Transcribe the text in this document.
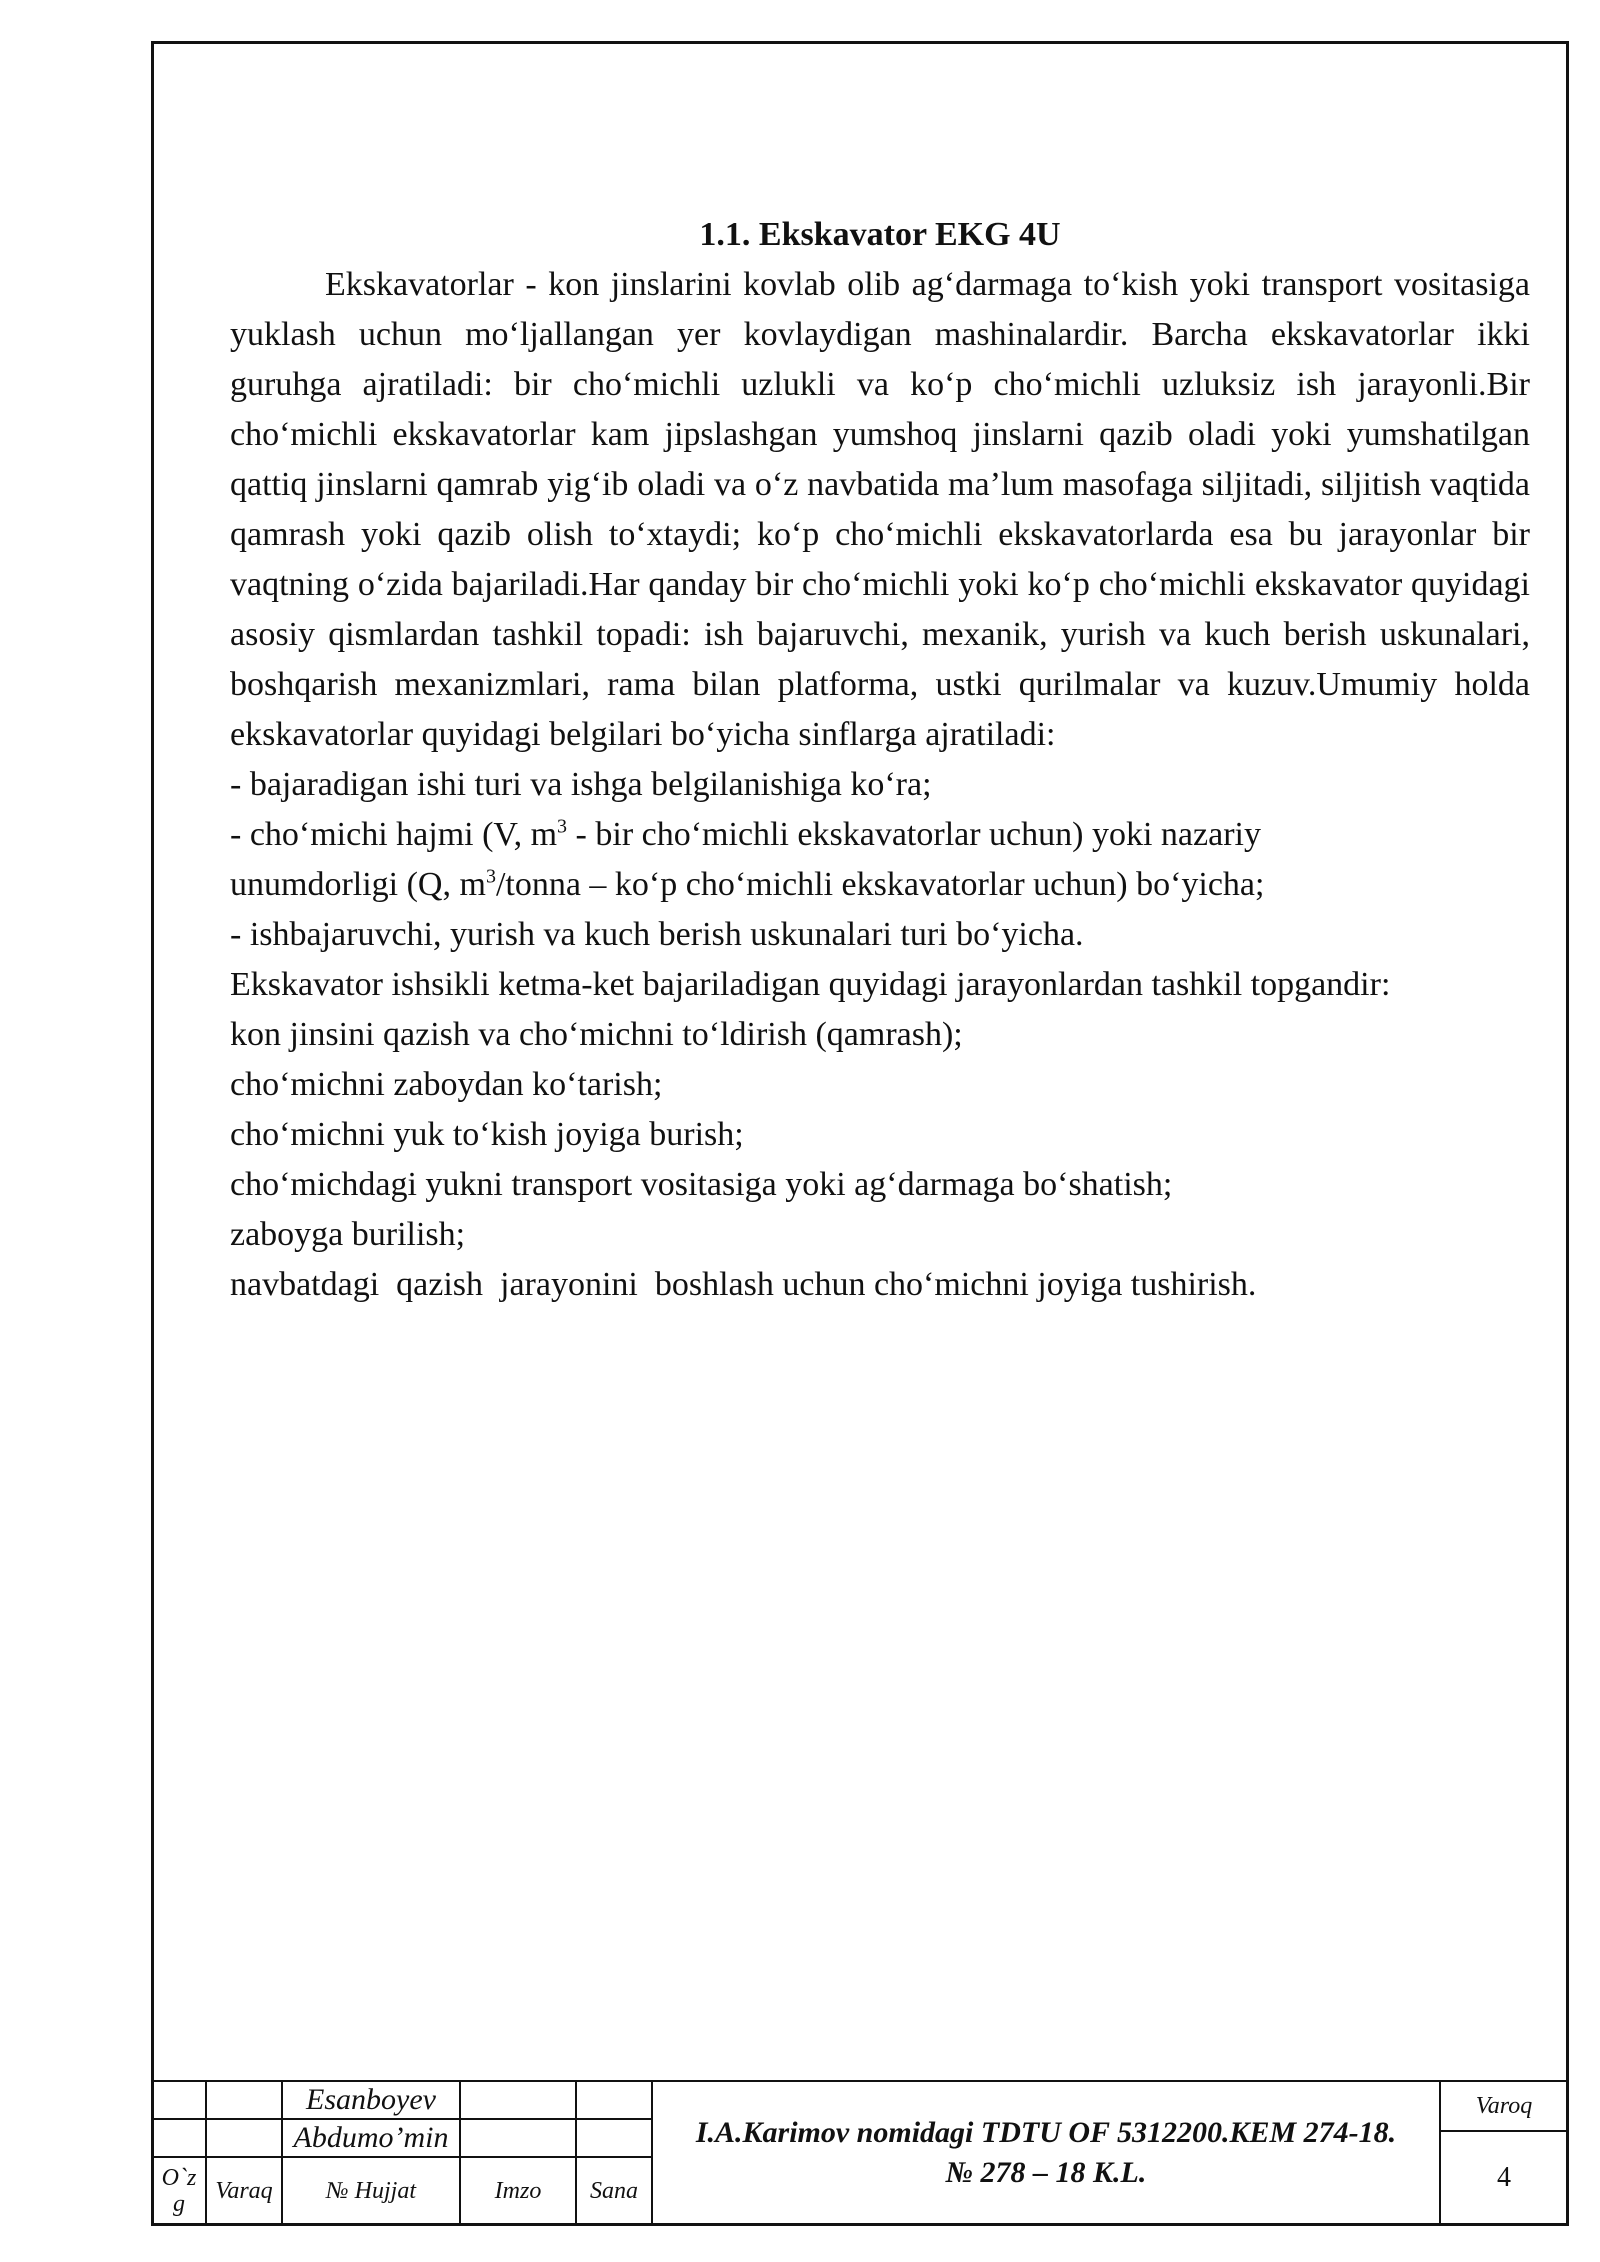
1.1. Ekskavator EKG 4U

Ekskavatorlar - kon jinslarini kovlab olib ag‘darmaga to‘kish yoki transport vositasiga yuklash uchun mo‘ljallangan yer kovlaydigan mashinalardir. Barcha ekskavatorlar ikki guruhga ajratiladi: bir cho‘michli uzlukli va ko‘p cho‘michli uzluksiz ish jarayonli.Bir cho‘michli ekskavatorlar kam jipslashgan yumshoq jinslarni qazib oladi yoki yumshatilgan qattiq jinslarni qamrab yig‘ib oladi va o‘z navbatida ma’lum masofaga siljitadi, siljitish vaqtida qamrash yoki qazib olish to‘xtaydi; ko‘p cho‘michli ekskavatorlarda esa bu jarayonlar bir vaqtning o‘zida bajariladi.Har qanday bir cho‘michli yoki ko‘p cho‘michli ekskavator quyidagi asosiy qismlardan tashkil topadi: ish bajaruvchi, mexanik, yurish va kuch berish uskunalari, boshqarish mexanizmlari, rama bilan platforma, ustki qurilmalar va kuzuv.Umumiy holda ekskavatorlar quyidagi belgilari bo‘yicha sinflarga ajratiladi:

- bajaradigan ishi turi va ishga belgilanishiga ko‘ra;

- cho‘michi hajmi (V, $m^3$ - bir cho‘michli ekskavatorlar uchun) yoki nazariy

unumdorligi (Q, $m^3$/tonna – ko‘p cho‘michli ekskavatorlar uchun) bo‘yicha;

- ishbajaruvchi, yurish va kuch berish uskunalari turi bo‘yicha.

Ekskavator ishsikli ketma-ket bajariladigan quyidagi jarayonlardan tashkil topgandir:

kon jinsini qazish va cho‘michni to‘ldirish (qamrash);

cho‘michni zaboydan ko‘tarish;

cho‘michni yuk to‘kish joyiga burish;

cho‘michdagi yukni transport vositasiga yoki ag‘darmaga bo‘shatish;

zaboyga burilish;

navbatdagi  qazish  jarayonini  boshlash uchun cho‘michni joyiga tushirish.

Esanboyev
Abdumo’min
O`z g
Varaq	№ Hujjat	Imzo	Sana
I.A.Karimov nomidagi TDTU OF 5312200.KEM 274-18.
№ 278 – 18 K.L.
Varoq
4
